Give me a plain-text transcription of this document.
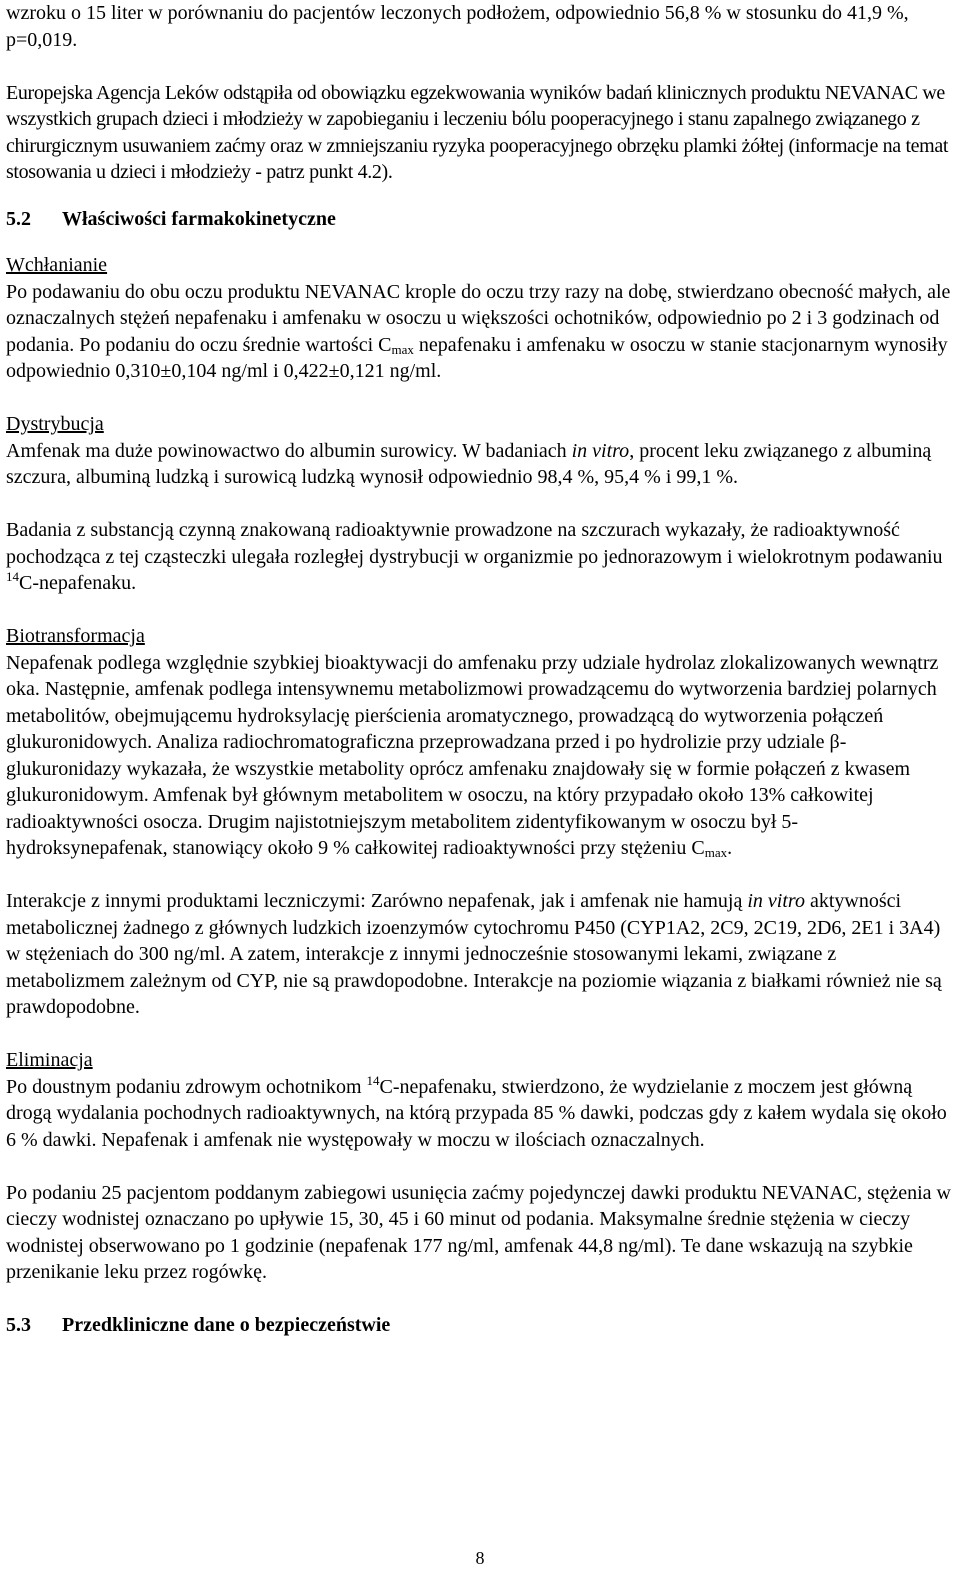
wzroku o 15 liter w porównaniu do pacjentów leczonych podłożem, odpowiednio 56,8 % w stosunku do 41,9 %, p=0,019.

Europejska Agencja Leków odstąpiła od obowiązku egzekwowania wyników badań klinicznych produktu NEVANAC we wszystkich grupach dzieci i młodzieży w zapobieganiu i leczeniu bólu pooperacyjnego i stanu zapalnego związanego z chirurgicznym usuwaniem zaćmy oraz w zmniejszaniu ryzyka pooperacyjnego obrzęku plamki żółtej (informacje na temat stosowania u dzieci i młodzieży - patrz punkt 4.2).

5.2 Właściwości farmakokinetyczne

Wchłanianie

Po podawaniu do obu oczu produktu NEVANAC krople do oczu trzy razy na dobę, stwierdzano obecność małych, ale oznaczalnych stężeń nepafenaku i amfenaku w osoczu u większości ochotników, odpowiednio po 2 i 3 godzinach od podania. Po podaniu do oczu średnie wartości $C_{max}$ nepafenaku i amfenaku w osoczu w stanie stacjonarnym wynosiły odpowiednio 0,310±0,104 ng/ml i 0,422±0,121 ng/ml.

Dystrybucja

Amfenak ma duże powinowactwo do albumin surowicy. W badaniach in vitro, procent leku związanego z albuminą szczura, albuminą ludzką i surowicą ludzką wynosił odpowiednio 98,4 %, 95,4 % i 99,1 %.

Badania z substancją czynną znakowaną radioaktywnie prowadzone na szczurach wykazały, że radioaktywność pochodząca z tej cząsteczki ulegała rozległej dystrybucji w organizmie po jednorazowym i wielokrotnym podawaniu $^{14}$C-nepafenaku.

Biotransformacja

Nepafenak podlega względnie szybkiej bioaktywacji do amfenaku przy udziale hydrolaz zlokalizowanych wewnątrz oka. Następnie, amfenak podlega intensywnemu metabolizmowi prowadzącemu do wytworzenia bardziej polarnych metabolitów, obejmującemu hydroksylację pierścienia aromatycznego, prowadzącą do wytworzenia połączeń glukuronidowych. Analiza radiochromatograficzna przeprowadzana przed i po hydrolizie przy udziale β-glukuronidazy wykazała, że wszystkie metabolity oprócz amfenaku znajdowały się w formie połączeń z kwasem glukuronidowym. Amfenak był głównym metabolitem w osoczu, na który przypadało około 13% całkowitej radioaktywności osocza. Drugim najistotniejszym metabolitem zidentyfikowanym w osoczu był 5-hydroksynepafenak, stanowiący około 9 % całkowitej radioaktywności przy stężeniu $C_{max}$.

Interakcje z innymi produktami leczniczymi: Zarówno nepafenak, jak i amfenak nie hamują in vitro aktywności metabolicznej żadnego z głównych ludzkich izoenzymów cytochromu P450 (CYP1A2, 2C9, 2C19, 2D6, 2E1 i 3A4) w stężeniach do 300 ng/ml. A zatem, interakcje z innymi jednocześnie stosowanymi lekami, związane z metabolizmem zależnym od CYP, nie są prawdopodobne. Interakcje na poziomie wiązania z białkami również nie są prawdopodobne.

Eliminacja

Po doustnym podaniu zdrowym ochotnikom $^{14}$C-nepafenaku, stwierdzono, że wydzielanie z moczem jest główną drogą wydalania pochodnych radioaktywnych, na którą przypada 85 % dawki, podczas gdy z kałem wydala się około 6 % dawki. Nepafenak i amfenak nie występowały w moczu w ilościach oznaczalnych.

Po podaniu 25 pacjentom poddanym zabiegowi usunięcia zaćmy pojedynczej dawki produktu NEVANAC, stężenia w cieczy wodnistej oznaczano po upływie 15, 30, 45 i 60 minut od podania. Maksymalne średnie stężenia w cieczy wodnistej obserwowano po 1 godzinie (nepafenak 177 ng/ml, amfenak 44,8 ng/ml). Te dane wskazują na szybkie przenikanie leku przez rogówkę.

5.3 Przedkliniczne dane o bezpieczeństwie

8
